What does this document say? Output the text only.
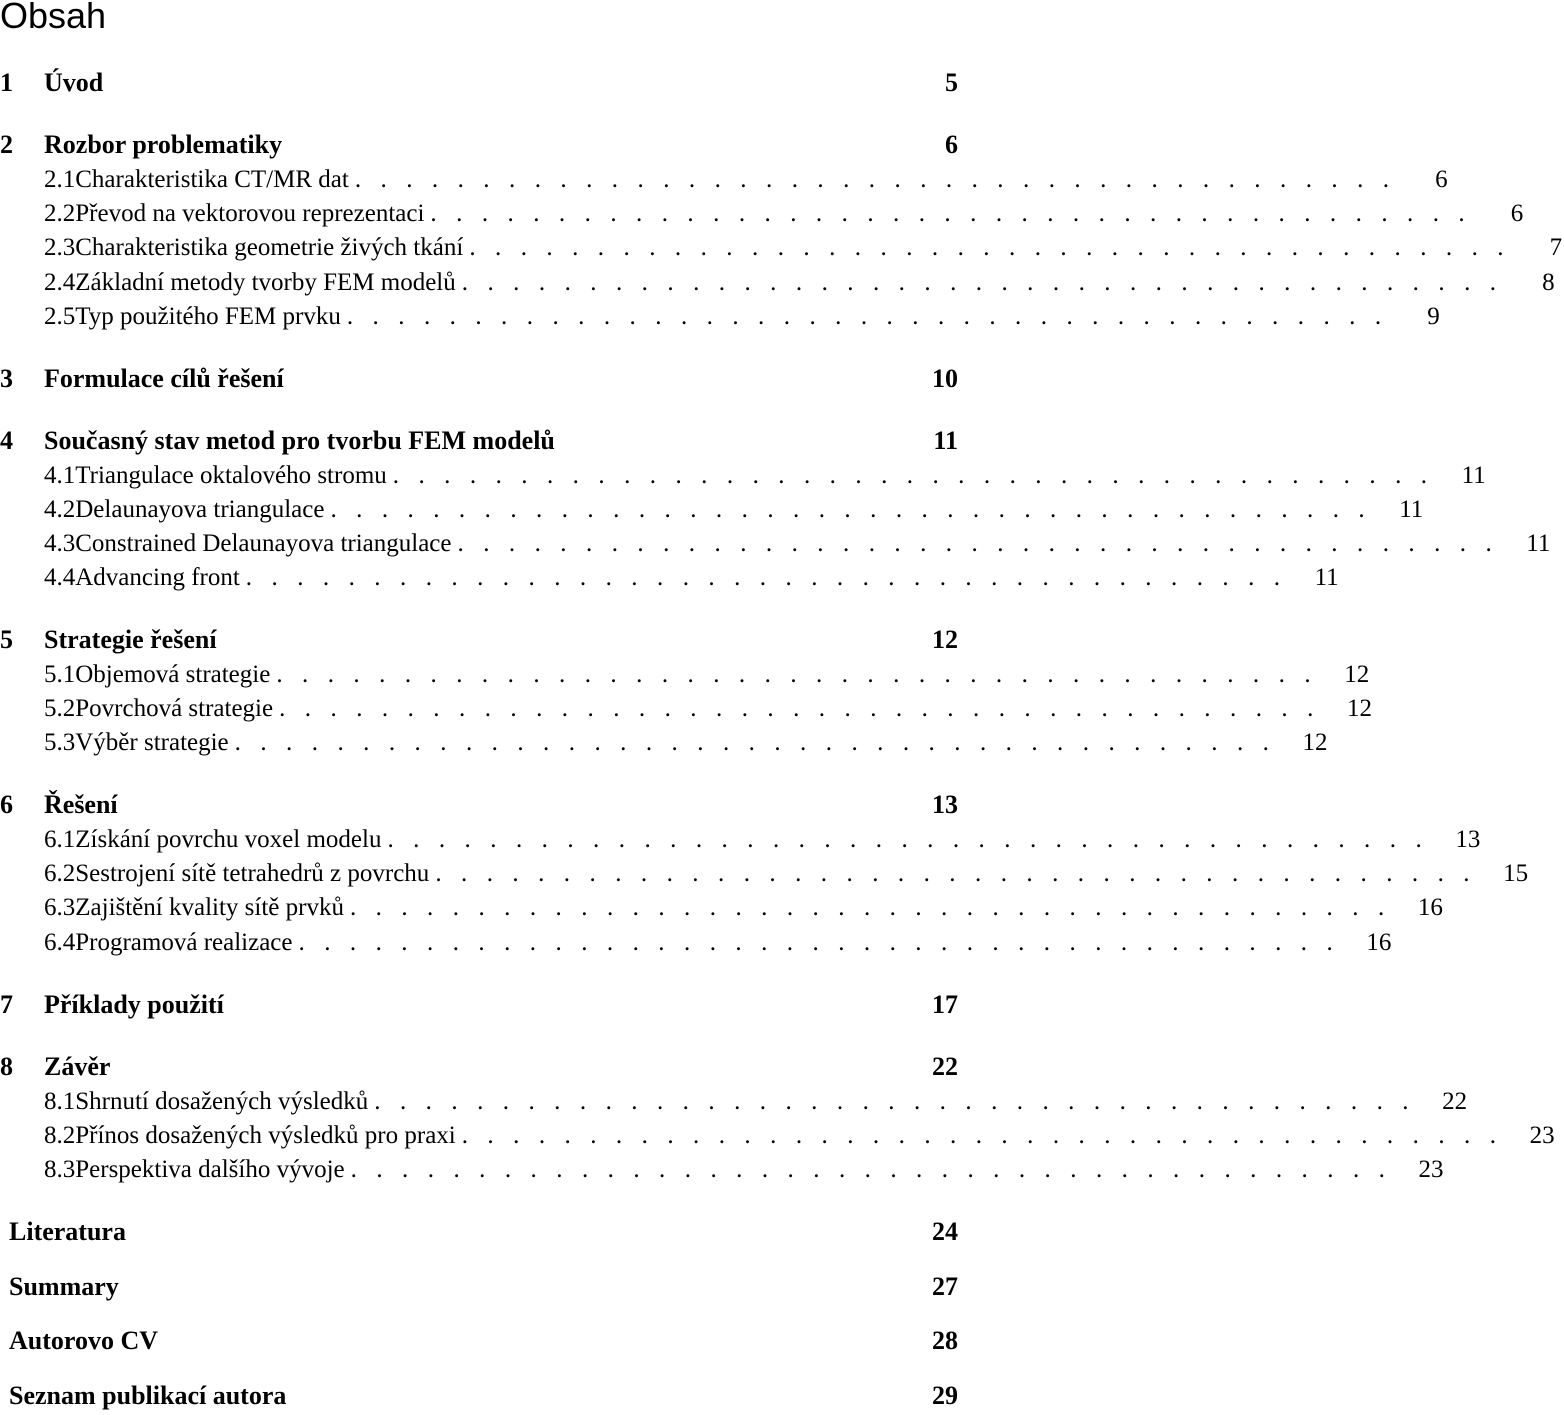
Obsah
1	Úvod	5
2	Rozbor problematiky	6
2.1 Charakteristika CT/MR dat . . . . . . . . . . . . . . . . . . . . . . . . . . . . . . . . . . . . . . . . .	6
2.2 Převod na vektorovou reprezentaci . . . . . . . . . . . . . . . . . . . . . . . . . . . . . . . . . . . . . . . . .	6
2.3 Charakteristika geometrie živých tkání . . . . . . . . . . . . . . . . . . . . . . . . . . . . . . . . . . . . . . . . .	7
2.4 Základní metody tvorby FEM modelů . . . . . . . . . . . . . . . . . . . . . . . . . . . . . . . . . . . . . . . . .	8
2.5 Typ použitého FEM prvku . . . . . . . . . . . . . . . . . . . . . . . . . . . . . . . . . . . . . . . . .	9
3	Formulace cílů řešení	10
4	Současný stav metod pro tvorbu FEM modelů	11
4.1 Triangulace oktalového stromu . . . . . . . . . . . . . . . . . . . . . . . . . . . . . . . . . . . . . . . . . 11
4.2 Delaunayova triangulace . . . . . . . . . . . . . . . . . . . . . . . . . . . . . . . . . . . . . . . . . 11
4.3 Constrained Delaunayova triangulace . . . . . . . . . . . . . . . . . . . . . . . . . . . . . . . . . . . . . . . . . 11
4.4 Advancing front . . . . . . . . . . . . . . . . . . . . . . . . . . . . . . . . . . . . . . . . . 11
5	Strategie řešení	12
5.1 Objemová strategie . . . . . . . . . . . . . . . . . . . . . . . . . . . . . . . . . . . . . . . . . 12
5.2 Povrchová strategie . . . . . . . . . . . . . . . . . . . . . . . . . . . . . . . . . . . . . . . . . 12
5.3 Výběr strategie . . . . . . . . . . . . . . . . . . . . . . . . . . . . . . . . . . . . . . . . . 12
6	Řešení	13
6.1 Získání povrchu voxel modelu . . . . . . . . . . . . . . . . . . . . . . . . . . . . . . . . . . . . . . . . . 13
6.2 Sestrojení sítě tetrahedrů z povrchu . . . . . . . . . . . . . . . . . . . . . . . . . . . . . . . . . . . . . . . . . 15
6.3 Zajištění kvality sítě prvků . . . . . . . . . . . . . . . . . . . . . . . . . . . . . . . . . . . . . . . . . 16
6.4 Programová realizace . . . . . . . . . . . . . . . . . . . . . . . . . . . . . . . . . . . . . . . . . 16
7	Příklady použití	17
8	Závěr	22
8.1 Shrnutí dosažených výsledků . . . . . . . . . . . . . . . . . . . . . . . . . . . . . . . . . . . . . . . . . 22
8.2 Přínos dosažených výsledků pro praxi . . . . . . . . . . . . . . . . . . . . . . . . . . . . . . . . . . . . . . . . . 23
8.3 Perspektiva dalšího vývoje . . . . . . . . . . . . . . . . . . . . . . . . . . . . . . . . . . . . . . . . . 23
Literatura	24
Summary	27
Autorovo CV	28
Seznam publikací autora	29
